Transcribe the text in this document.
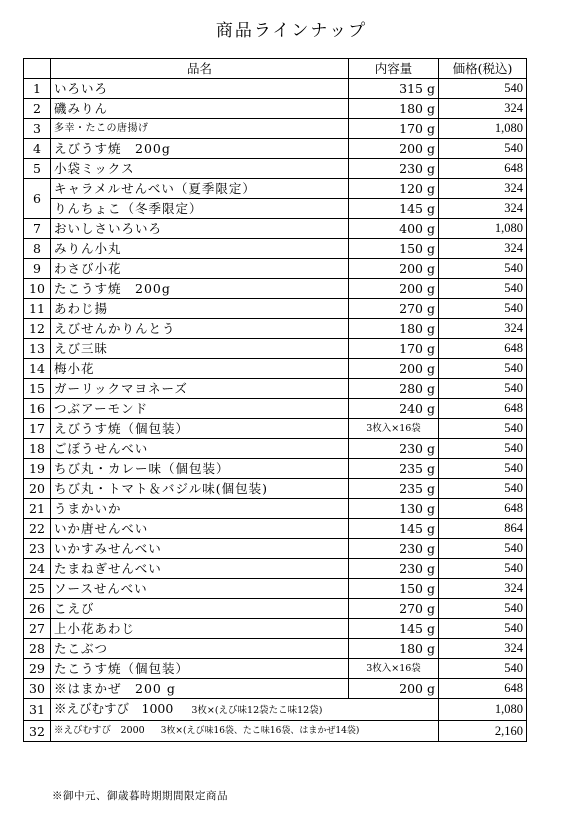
商品ラインナップ
	品名	内容量	価格(税込)
1	いろいろ	315 g	540
2	磯みりん	180 g	324
3	多幸・たこの唐揚げ	170 g	1,080
4	えびうす焼　200g	200 g	540
5	小袋ミックス	230 g	648
6	キャラメルせんべい（夏季限定）	120 g	324
	りんちょこ（冬季限定）	145 g	324
7	おいしさいろいろ	400 g	1,080
8	みりん小丸	150 g	324
9	わさび小花	200 g	540
10	たこうす焼　200g	200 g	540
11	あわじ揚	270 g	540
12	えびせんかりんとう	180 g	324
13	えび三昧	170 g	648
14	梅小花	200 g	540
15	ガーリックマヨネーズ	280 g	540
16	つぶアーモンド	240 g	648
17	えびうす焼（個包装）	3枚入×16袋	540
18	ごぼうせんべい	230 g	540
19	ちび丸・カレー味（個包装）	235 g	540
20	ちび丸・トマト＆バジル味(個包装)	235 g	540
21	うまかいか	130 g	648
22	いか唐せんべい	145 g	864
23	いかすみせんべい	230 g	540
24	たまねぎせんべい	230 g	540
25	ソースせんべい	150 g	324
26	こえび	270 g	540
27	上小花あわじ	145 g	540
28	たこぶつ	180 g	324
29	たこうす焼（個包装）	3枚入×16袋	540
30	※はまかぜ　200 g	200 g	648
31	※えびむすび　1000 3枚×(えび味12袋たこ味12袋)		1,080
32	※えびむすび　2000 3枚×(えび味16袋、たこ味16袋、はまかぜ14袋)		2,160
※御中元、御歳暮時期期間限定商品
